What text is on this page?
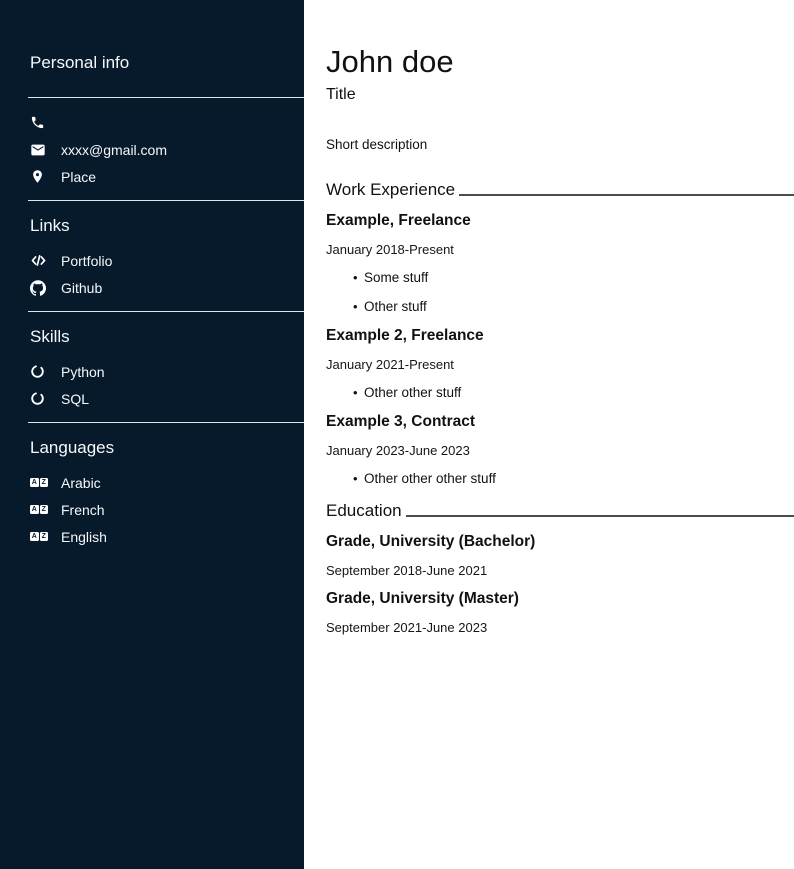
Personal info
xxxx@gmail.com
Place
Links
Portfolio
Github
Skills
Python
SQL
Languages
A
Z
Arabic
A
Z
French
A
Z
English
John doe
Title

Short description

Work Experience
Example, Freelance

January 2018-Present

• Some stuff
• Other stuff
Example 2, Freelance

January 2021-Present

• Other other stuff
Example 3, Contract

January 2023-June 2023

• Other other other stuff
Education
Grade, University (Bachelor)

September 2018-June 2021

Grade, University (Master)

September 2021-June 2023
